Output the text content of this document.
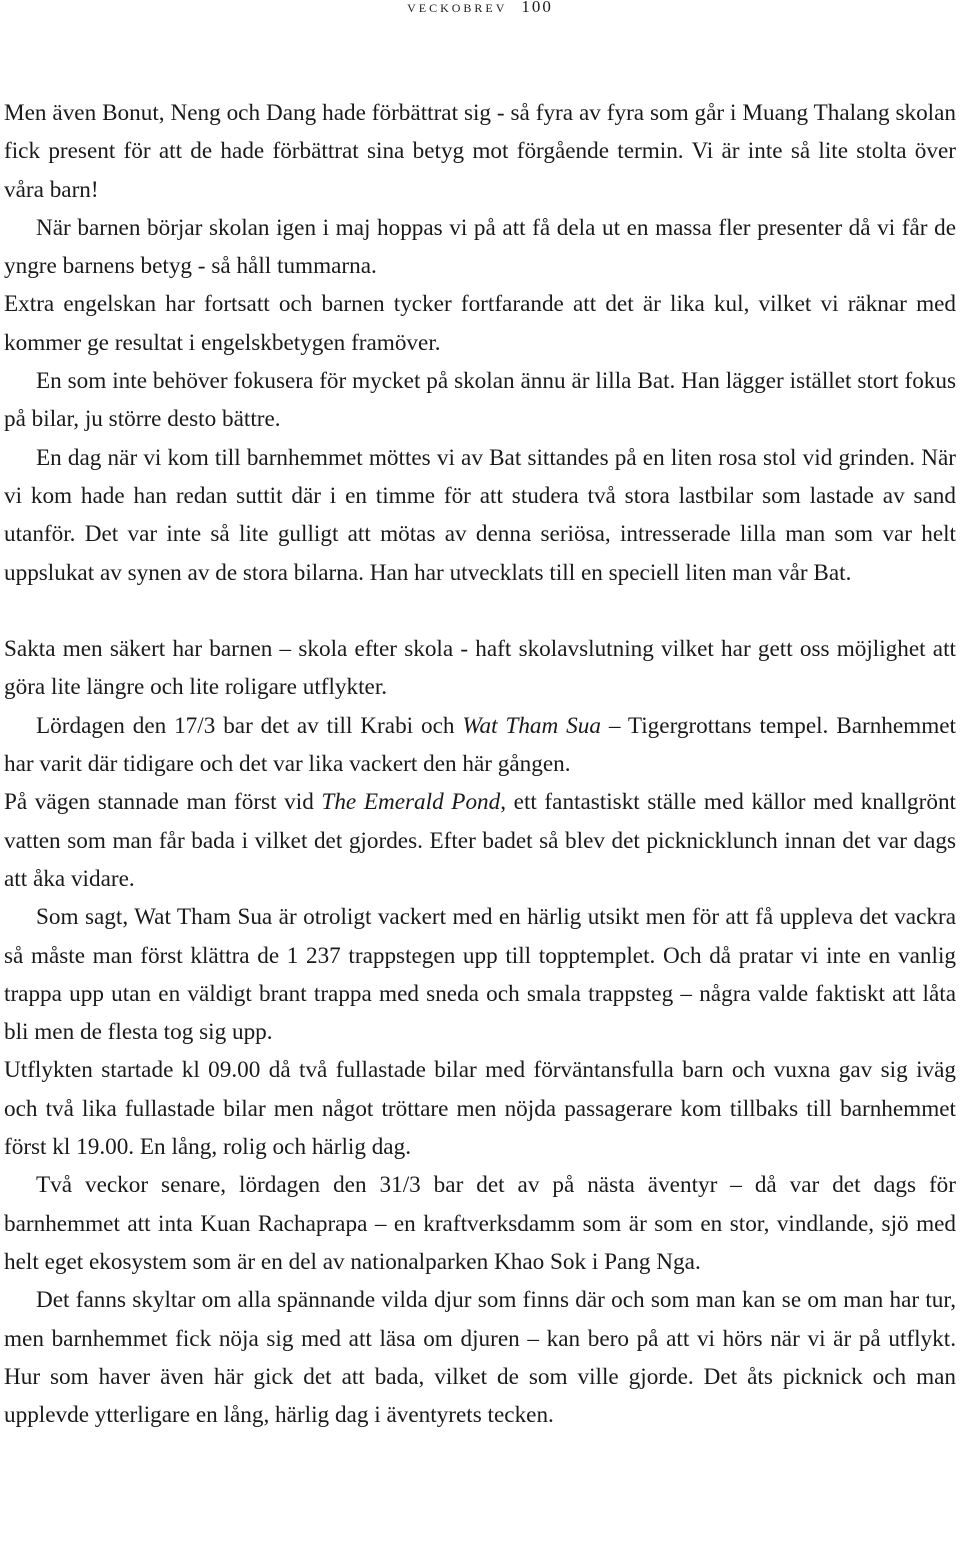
veckobrev 100

Men även Bonut, Neng och Dang hade förbättrat sig - så fyra av fyra som går i Muang Thalang skolan fick present för att de hade förbättrat sina betyg mot förgående termin. Vi är inte så lite stolta över våra barn!

När barnen börjar skolan igen i maj hoppas vi på att få dela ut en massa fler presenter då vi får de yngre barnens betyg - så håll tummarna.

Extra engelskan har fortsatt och barnen tycker fortfarande att det är lika kul, vilket vi räknar med kommer ge resultat i engelskbetygen framöver.

En som inte behöver fokusera för mycket på skolan ännu är lilla Bat. Han lägger istället stort fokus på bilar, ju större desto bättre.

En dag när vi kom till barnhemmet möttes vi av Bat sittandes på en liten rosa stol vid grinden. När vi kom hade han redan suttit där i en timme för att studera två stora lastbilar som lastade av sand utanför. Det var inte så lite gulligt att mötas av denna seriösa, intresserade lilla man som var helt uppslukat av synen av de stora bilarna. Han har utvecklats till en speciell liten man vår Bat.

Sakta men säkert har barnen – skola efter skola - haft skolavslutning vilket har gett oss möjlighet att göra lite längre och lite roligare utflykter.

Lördagen den 17/3 bar det av till Krabi och Wat Tham Sua – Tigergrottans tempel. Barnhemmet har varit där tidigare och det var lika vackert den här gången.

På vägen stannade man först vid The Emerald Pond, ett fantastiskt ställe med källor med knallgrönt vatten som man får bada i vilket det gjordes. Efter badet så blev det picknicklunch innan det var dags att åka vidare.

Som sagt, Wat Tham Sua är otroligt vackert med en härlig utsikt men för att få uppleva det vackra så måste man först klättra de 1 237 trappstegen upp till topptemplet. Och då pratar vi inte en vanlig trappa upp utan en väldigt brant trappa med sneda och smala trappsteg – några valde faktiskt att låta bli men de flesta tog sig upp.

Utflykten startade kl 09.00 då två fullastade bilar med förväntansfulla barn och vuxna gav sig iväg och två lika fullastade bilar men något tröttare men nöjda passagerare kom tillbaks till barnhemmet först kl 19.00. En lång, rolig och härlig dag.

Två veckor senare, lördagen den 31/3 bar det av på nästa äventyr – då var det dags för barnhemmet att inta Kuan Rachaprapa – en kraftverksdamm som är som en stor, vindlande, sjö med helt eget ekosystem som är en del av nationalparken Khao Sok i Pang Nga.

Det fanns skyltar om alla spännande vilda djur som finns där och som man kan se om man har tur, men barnhemmet fick nöja sig med att läsa om djuren – kan bero på att vi hörs när vi är på utflykt. Hur som haver även här gick det att bada, vilket de som ville gjorde. Det åts picknick och man upplevde ytterligare en lång, härlig dag i äventyrets tecken.
